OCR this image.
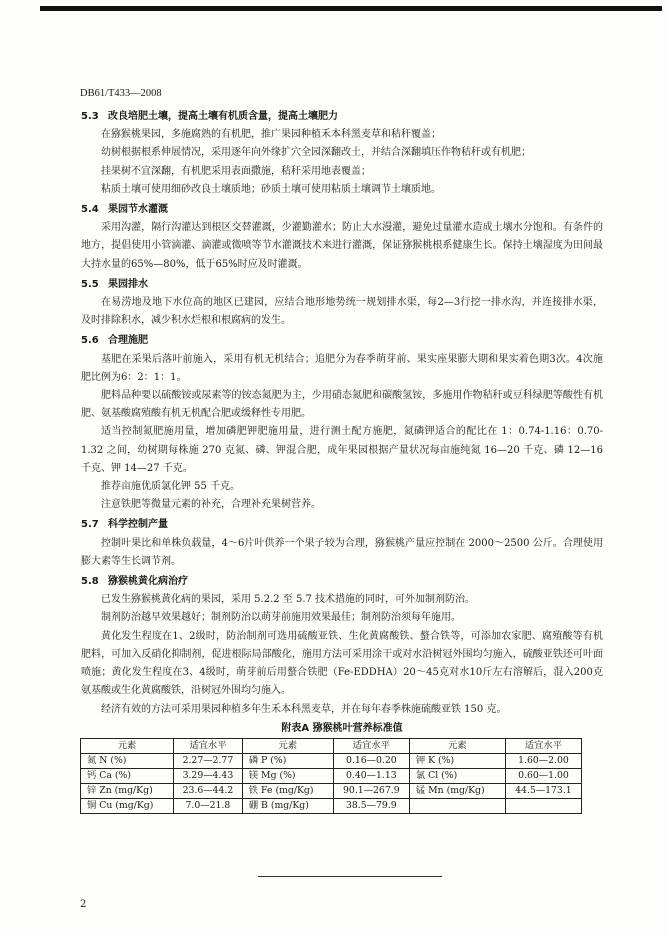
DB61/T433—2008
5.3 改良培肥土壤，提高土壤有机质含量，提高土壤肥力

在猕猴桃果园，多施腐熟的有机肥，推广果园种植禾本科黑麦草和秸秆覆盖；

幼树根据根系伸展情况，采用逐年向外缘扩穴全园深翻改土，并结合深翻填压作物秸秆或有机肥；

挂果树不宜深翻，有机肥采用表面撒施，秸秆采用地表覆盖；

粘质土壤可使用细砂改良土壤质地；砂质土壤可使用粘质土壤调节土壤质地。

5.4 果园节水灌溉

采用沟灌，隔行沟灌达到根区交替灌溉，少灌勤灌水；防止大水漫灌，避免过量灌水造成土壤水分饱和。有条件的地方，提倡使用小管滴灌、滴灌或微喷等节水灌溉技术来进行灌溉，保证猕猴桃根系健康生长。保持土壤湿度为田间最大持水量的65%—80%，低于65%时应及时灌溉。

5.5 果园排水

在易涝地及地下水位高的地区已建园，应结合地形地势统一规划排水渠，每2—3行挖一排水沟，并连接排水渠，及时排除积水，减少积水烂根和根腐病的发生。

5.6 合理施肥

基肥在采果后落叶前施入，采用有机无机结合；追肥分为春季萌芽前、果实座果膨大期和果实着色期3次。4次施肥比例为6：2：1：1。

肥料品种要以硫酸铵或尿素等的铵态氮肥为主，少用硝态氮肥和碳酸氢铵，多施用作物秸秆或豆科绿肥等酸性有机肥、氨基酸腐殖酸有机无机配合肥或缓释性专用肥。

适当控制氮肥施用量，增加磷肥钾肥施用量，进行测土配方施肥，氮磷钾适合的配比在 1：0.74-1.16：0.70-1.32 之间，幼树期每株施 270 克氮、磷、钾混合肥，成年果园根据产量状况每亩施纯氮 16—20 千克、磷 12—16 千克、钾 14—27 千克。

推荐亩施优质氯化钾 55 千克。

注意铁肥等微量元素的补充，合理补充果树营养。

5.7 科学控制产量

控制叶果比和单株负载量，4～6片叶供养一个果子较为合理，猕猴桃产量应控制在 2000～2500 公斤。合理使用膨大素等生长调节剂。

5.8 猕猴桃黄化病治疗

已发生猕猴桃黄化病的果园，采用 5.2.2 至 5.7 技术措施的同时，可外加制剂防治。

制剂防治越早效果越好；制剂防治以萌芽前施用效果最佳；制剂防治须每年施用。

黄化发生程度在1、2级时，防治制剂可选用硫酸亚铁、生化黄腐酸铁、螯合铁等，可添加农家肥、腐殖酸等有机肥料，可加入反硝化抑制剂，促进根际局部酸化，施用方法可采用涂干或对水沿树冠外围均匀施入，硫酸亚铁还可叶面喷施；黄化发生程度在3、4级时，萌芽前后用螯合铁肥（Fe-EDDHA）20～45克对水10斤左右溶解后，混入200克氨基酸或生化黄腐酸铁，沿树冠外围均匀施入。

经济有效的方法可采用果园种植多年生禾本科黑麦草，并在每年春季株施硫酸亚铁 150 克。

附表A 猕猴桃叶营养标准值
元素	适宜水平	元素	适宜水平	元素	适宜水平
氮 N (%)	2.27—2.77	磷 P (%)	0.16—0.20	钾 K (%)	1.60—2.00
钙 Ca (%)	3.29—4.43	镁 Mg (%)	0.40—1.13	氯 Cl (%)	0.60—1.00
锌 Zn (mg/Kg)	23.6—44.2	铁 Fe (mg/Kg)	90.1—267.9	锰 Mn (mg/Kg)	44.5—173.1
铜 Cu (mg/Kg)	7.0—21.8	硼 B (mg/Kg)	38.5—79.9		
2
